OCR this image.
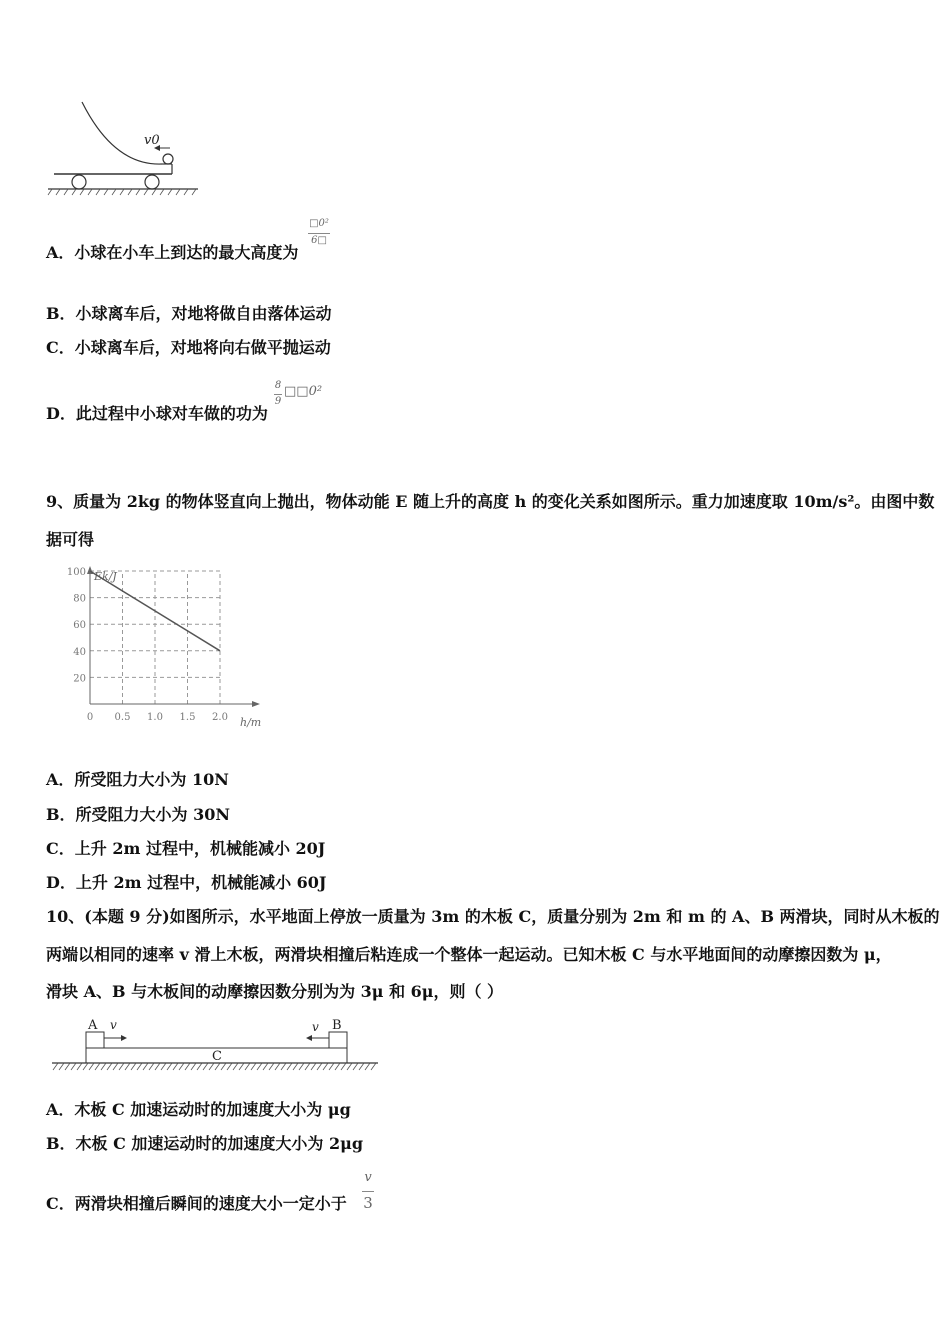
v0
A．小球在小车上到达的最大高度为
□0²
6□
B．小球离车后，对地将做自由落体运动
C．小球离车后，对地将向右做平抛运动
D．此过程中小球对车做的功为
8
9
□□0²
9、质量为 2kg 的物体竖直向上抛出，物体动能 E 随上升的高度 h 的变化关系如图所示。重力加速度取 10m/s²。由图中数
据可得
Ek/J
h/m
100
80
60
40
20
0 0.5 1.0 1.5 2.0
A．所受阻力大小为 10N
B．所受阻力大小为 30N
C．上升 2m 过程中，机械能减小 20J
D．上升 2m 过程中，机械能减小 60J
10、(本题 9 分)如图所示，水平地面上停放一质量为 3m 的木板 C，质量分别为 2m 和 m 的 A、B 两滑块，同时从木板的
两端以相同的速率 v 滑上木板，两滑块相撞后粘连成一个整体一起运动。已知木板 C 与水平地面间的动摩擦因数为 μ，
滑块 A、B 与木板间的动摩擦因数分别为为 3μ 和 6μ，则（ ）
A v	B
v
C
A．木板 C 加速运动时的加速度大小为 μg
B．木板 C 加速运动时的加速度大小为 2μg
C．两滑块相撞后瞬间的速度大小一定小于
v
3
